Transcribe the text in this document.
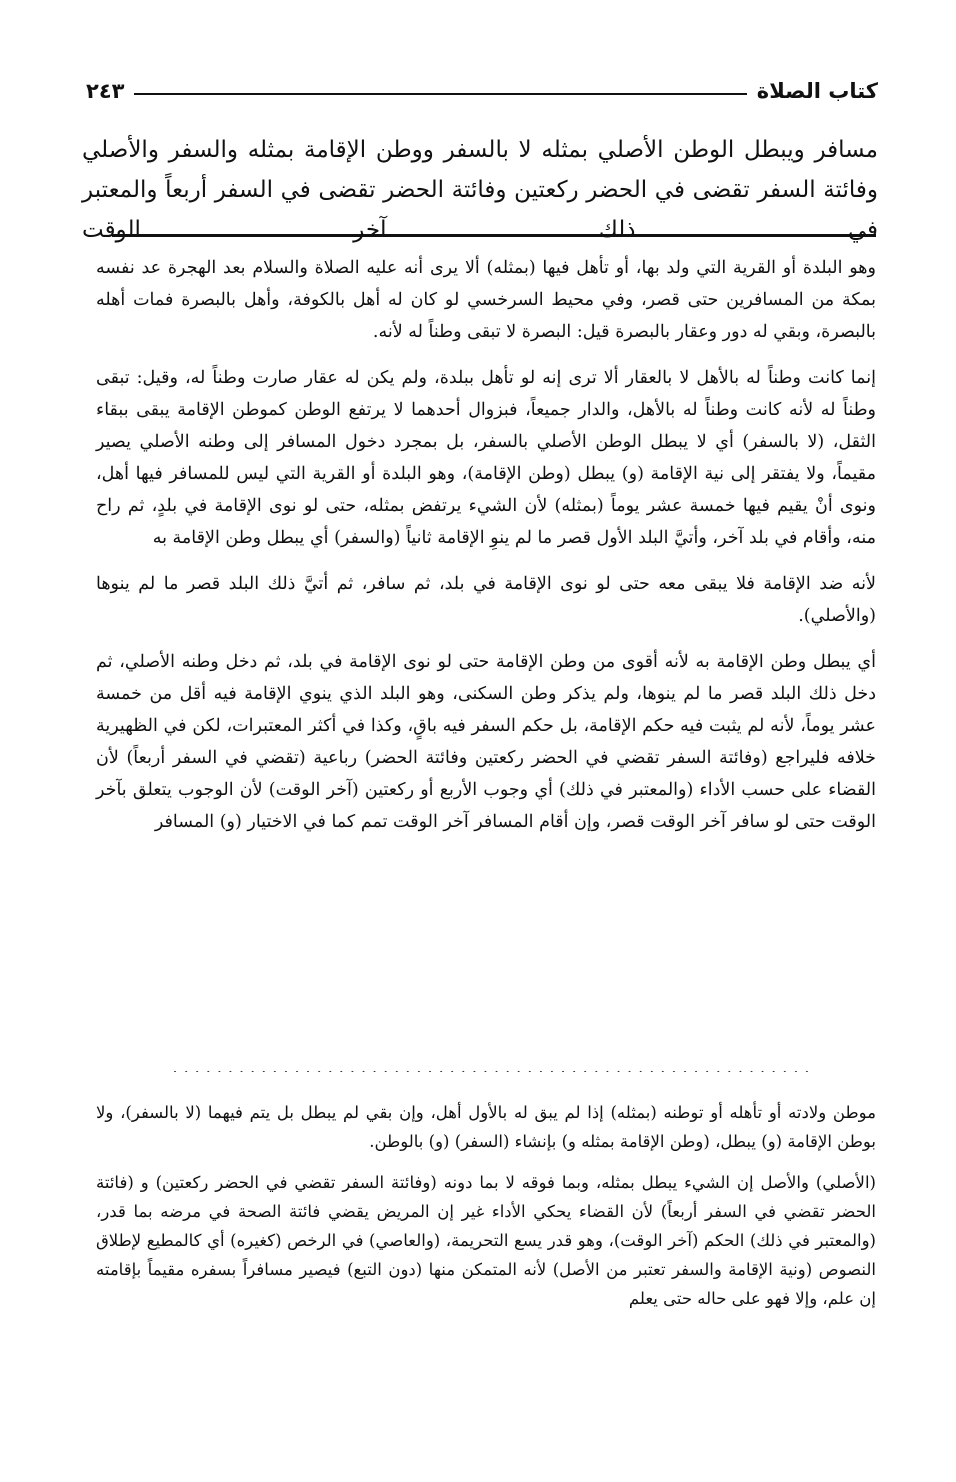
كتاب الصلاة
٢٤٣

مسافر ويبطل الوطن الأصلي بمثله لا بالسفر ووطن الإقامة بمثله والسفر والأصلي وفائتة السفر تقضى في الحضر ركعتين وفائتة الحضر تقضى في السفر أربعاً والمعتبر في ذلك آخر الوقت

وهو البلدة أو القرية التي ولد بها، أو تأهل فيها (بمثله) ألا يرى أنه عليه الصلاة والسلام بعد الهجرة عد نفسه بمكة من المسافرين حتى قصر، وفي محيط السرخسي لو كان له أهل بالكوفة، وأهل بالبصرة فمات أهله بالبصرة، وبقي له دور وعقار بالبصرة قيل: البصرة لا تبقى وطناً له لأنه.

إنما كانت وطناً له بالأهل لا بالعقار ألا ترى إنه لو تأهل ببلدة، ولم يكن له عقار صارت وطناً له، وقيل: تبقى وطناً له لأنه كانت وطناً له بالأهل، والدار جميعاً، فبزوال أحدهما لا يرتفع الوطن كموطن الإقامة يبقى ببقاء الثقل، (لا بالسفر) أي لا يبطل الوطن الأصلي بالسفر، بل بمجرد دخول المسافر إلى وطنه الأصلي يصير مقيماً، ولا يفتقر إلى نية الإقامة (و) يبطل (وطن الإقامة)، وهو البلدة أو القرية التي ليس للمسافر فيها أهل، ونوى أنْ يقيم فيها خمسة عشر يوماً (بمثله) لأن الشيء يرتفض بمثله، حتى لو نوى الإقامة في بلدٍ، ثم راح منه، وأقام في بلد آخر، وأتيَّ البلد الأول قصر ما لم ينوِ الإقامة ثانياً (والسفر) أي يبطل وطن الإقامة به

لأنه ضد الإقامة فلا يبقى معه حتى لو نوى الإقامة في بلد، ثم سافر، ثم أتيَّ ذلك البلد قصر ما لم ينوها (والأصلي).

أي يبطل وطن الإقامة به لأنه أقوى من وطن الإقامة حتى لو نوى الإقامة في بلد، ثم دخل وطنه الأصلي، ثم دخل ذلك البلد قصر ما لم ينوها، ولم يذكر وطن السكنى، وهو البلد الذي ينوي الإقامة فيه أقل من خمسة عشر يوماً، لأنه لم يثبت فيه حكم الإقامة، بل حكم السفر فيه باقٍ، وكذا في أكثر المعتبرات، لكن في الظهيرية خلافه فليراجع (وفائتة السفر تقضي في الحضر ركعتين وفائتة الحضر) رباعية (تقضي في السفر أربعاً) لأن القضاء على حسب الأداء (والمعتبر في ذلك) أي وجوب الأربع أو ركعتين (آخر الوقت) لأن الوجوب يتعلق بآخر الوقت حتى لو سافر آخر الوقت قصر، وإن أقام المسافر آخر الوقت تمم كما في الاختيار (و) المسافر

..........................................................

موطن ولادته أو تأهله أو توطنه (بمثله) إذا لم يبق له بالأول أهل، وإن بقي لم يبطل بل يتم فيهما (لا بالسفر)، ولا بوطن الإقامة (و) يبطل، (وطن الإقامة بمثله و) بإنشاء (السفر) (و) بالوطن.

(الأصلي) والأصل إن الشيء يبطل بمثله، وبما فوقه لا بما دونه (وفائتة السفر تقضي في الحضر ركعتين) و (فائتة الحضر تقضي في السفر أربعاً) لأن القضاء يحكي الأداء غير إن المريض يقضي فائتة الصحة في مرضه بما قدر، (والمعتبر في ذلك) الحكم (آخر الوقت)، وهو قدر يسع التحريمة، (والعاصي) في الرخص (كغيره) أي كالمطيع لإطلاق النصوص (ونية الإقامة والسفر تعتبر من الأصل) لأنه المتمكن منها (دون التبع) فيصير مسافراً بسفره مقيماً بإقامته إن علم، وإلا فهو على حاله حتى يعلم
